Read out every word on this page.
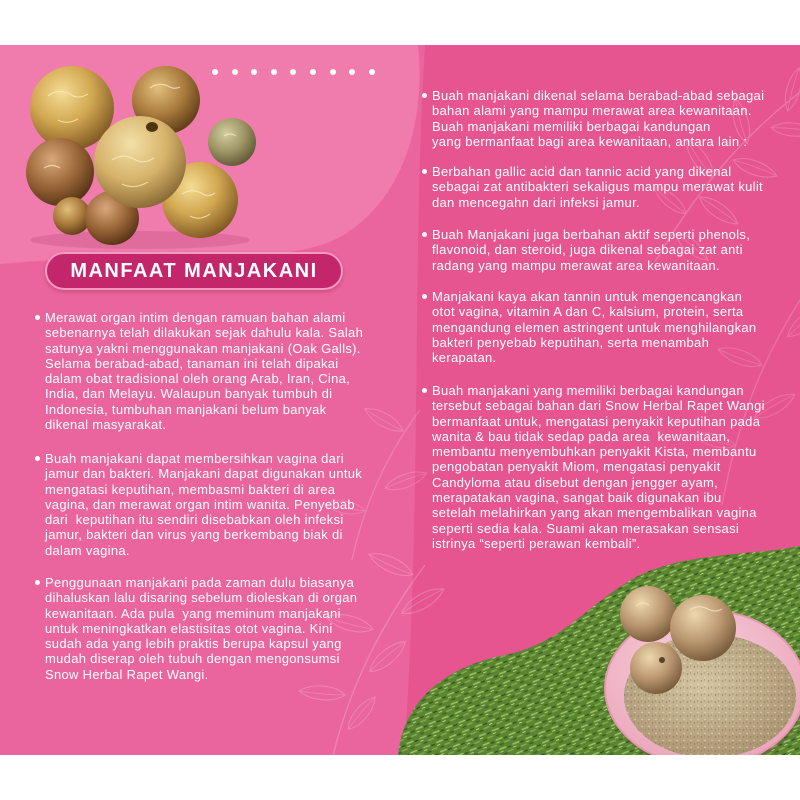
MANFAAT MANJAKANI
Merawat organ intim dengan ramuan bahan alami
sebenarnya telah dilakukan sejak dahulu kala. Salah
satunya yakni menggunakan manjakani (Oak Galls).
Selama berabad-abad, tanaman ini telah dipakai
dalam obat tradisional oleh orang Arab, Iran, Cina,
India, dan Melayu. Walaupun banyak tumbuh di
Indonesia, tumbuhan manjakani belum banyak
dikenal masyarakat.
Buah manjakani dapat membersihkan vagina dari
jamur dan bakteri. Manjakani dapat digunakan untuk
mengatasi keputihan, membasmi bakteri di area
vagina, dan merawat organ intim wanita. Penyebab
dari  keputihan itu sendiri disebabkan oleh infeksi
jamur, bakteri dan virus yang berkembang biak di
dalam vagina.
Penggunaan manjakani pada zaman dulu biasanya
dihaluskan lalu disaring sebelum dioleskan di organ
kewanitaan. Ada pula  yang meminum manjakani
untuk meningkatkan elastisitas otot vagina. Kini
sudah ada yang lebih praktis berupa kapsul yang
mudah diserap oleh tubuh dengan mengonsumsi
Snow Herbal Rapet Wangi.
Buah manjakani dikenal selama berabad-abad sebagai
bahan alami yang mampu merawat area kewanitaan.
Buah manjakani memiliki berbagai kandungan
yang bermanfaat bagi area kewanitaan, antara lain :
Berbahan gallic acid dan tannic acid yang dikenal
sebagai zat antibakteri sekaligus mampu merawat kulit
dan mencegahn dari infeksi jamur.
Buah Manjakani juga berbahan aktif seperti phenols,
flavonoid, dan steroid, juga dikenal sebagai zat anti
radang yang mampu merawat area kewanitaan.
Manjakani kaya akan tannin untuk mengencangkan
otot vagina, vitamin A dan C, kalsium, protein, serta
mengandung elemen astringent untuk menghilangkan
bakteri penyebab keputihan, serta menambah
kerapatan.
Buah manjakani yang memiliki berbagai kandungan
tersebut sebagai bahan dari Snow Herbal Rapet Wangi
bermanfaat untuk, mengatasi penyakit keputihan pada
wanita & bau tidak sedap pada area  kewanitaan,
membantu menyembuhkan penyakit Kista, membantu
pengobatan penyakit Miom, mengatasi penyakit
Candyloma atau disebut dengan jengger ayam,
merapatakan vagina, sangat baik digunakan ibu
setelah melahirkan yang akan mengembalikan vagina
seperti sedia kala. Suami akan merasakan sensasi
istrinya “seperti perawan kembali”.
